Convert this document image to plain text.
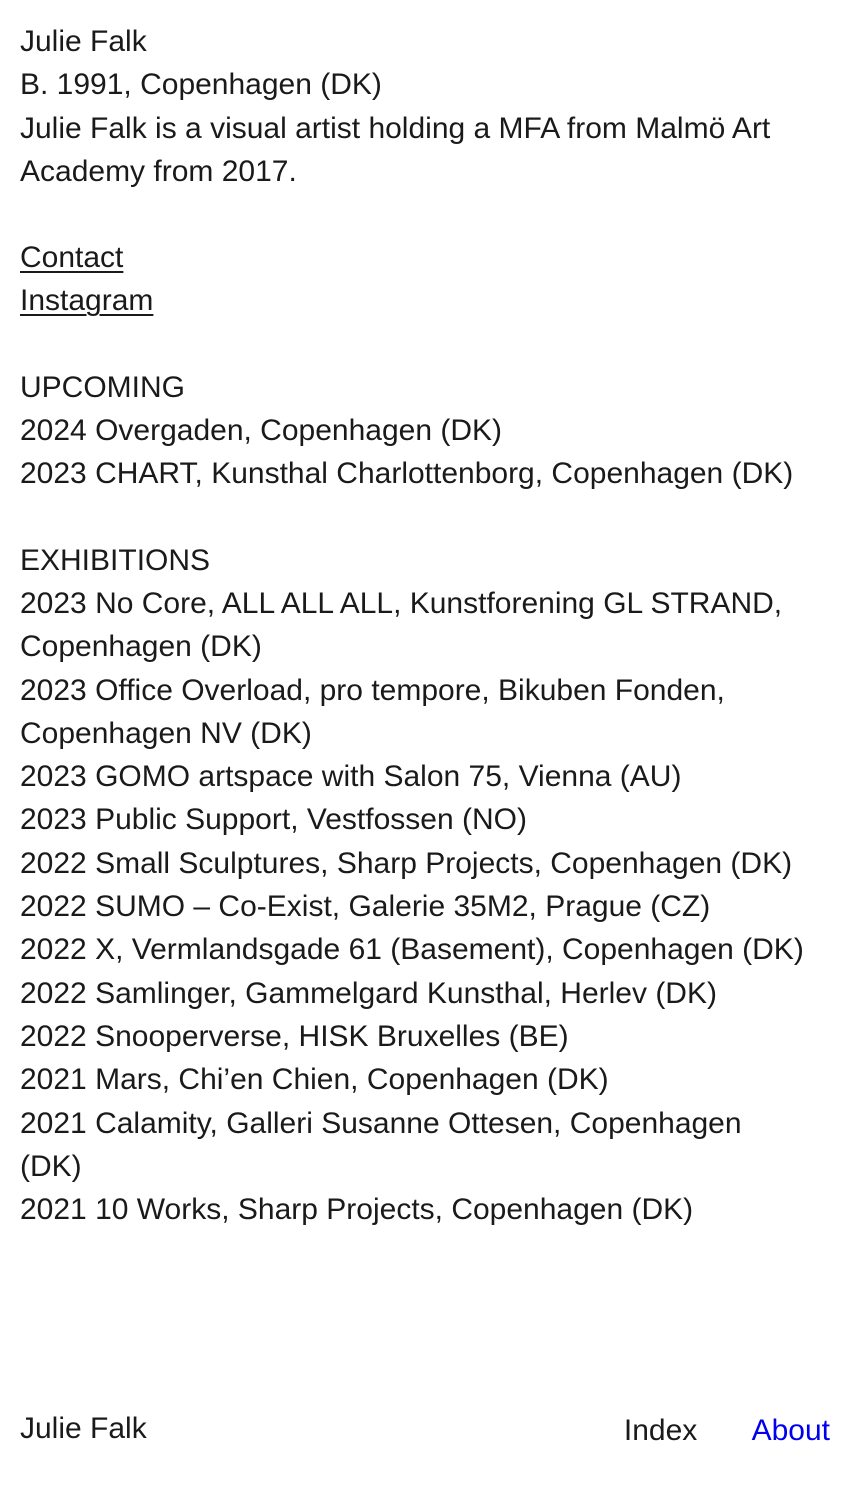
Julie Falk
B. 1991, Copenhagen (DK)
Julie Falk is a visual artist holding a MFA from Malmö Art Academy from 2017.
Contact
Instagram
UPCOMING
2024 Overgaden, Copenhagen (DK)
2023 CHART, Kunsthal Charlottenborg, Copenhagen (DK)
EXHIBITIONS
2023 No Core, ALL ALL ALL, Kunstforening GL STRAND, Copenhagen (DK)
2023 Office Overload, pro tempore, Bikuben Fonden, Copenhagen NV (DK)
2023 GOMO artspace with Salon 75, Vienna (AU)
2023 Public Support, Vestfossen (NO)
2022 Small Sculptures, Sharp Projects, Copenhagen (DK)
2022 SUMO – Co-Exist, Galerie 35M2, Prague (CZ)
2022 X, Vermlandsgade 61 (Basement), Copenhagen (DK)
2022 Samlinger, Gammelgard Kunsthal, Herlev (DK)
2022 Snooperverse, HISK Bruxelles (BE)
2021 Mars, Chi’en Chien, Copenhagen (DK)
2021 Calamity, Galleri Susanne Ottesen, Copenhagen (DK)
2021 10 Works, Sharp Projects, Copenhagen (DK)
Julie Falk	Index About
